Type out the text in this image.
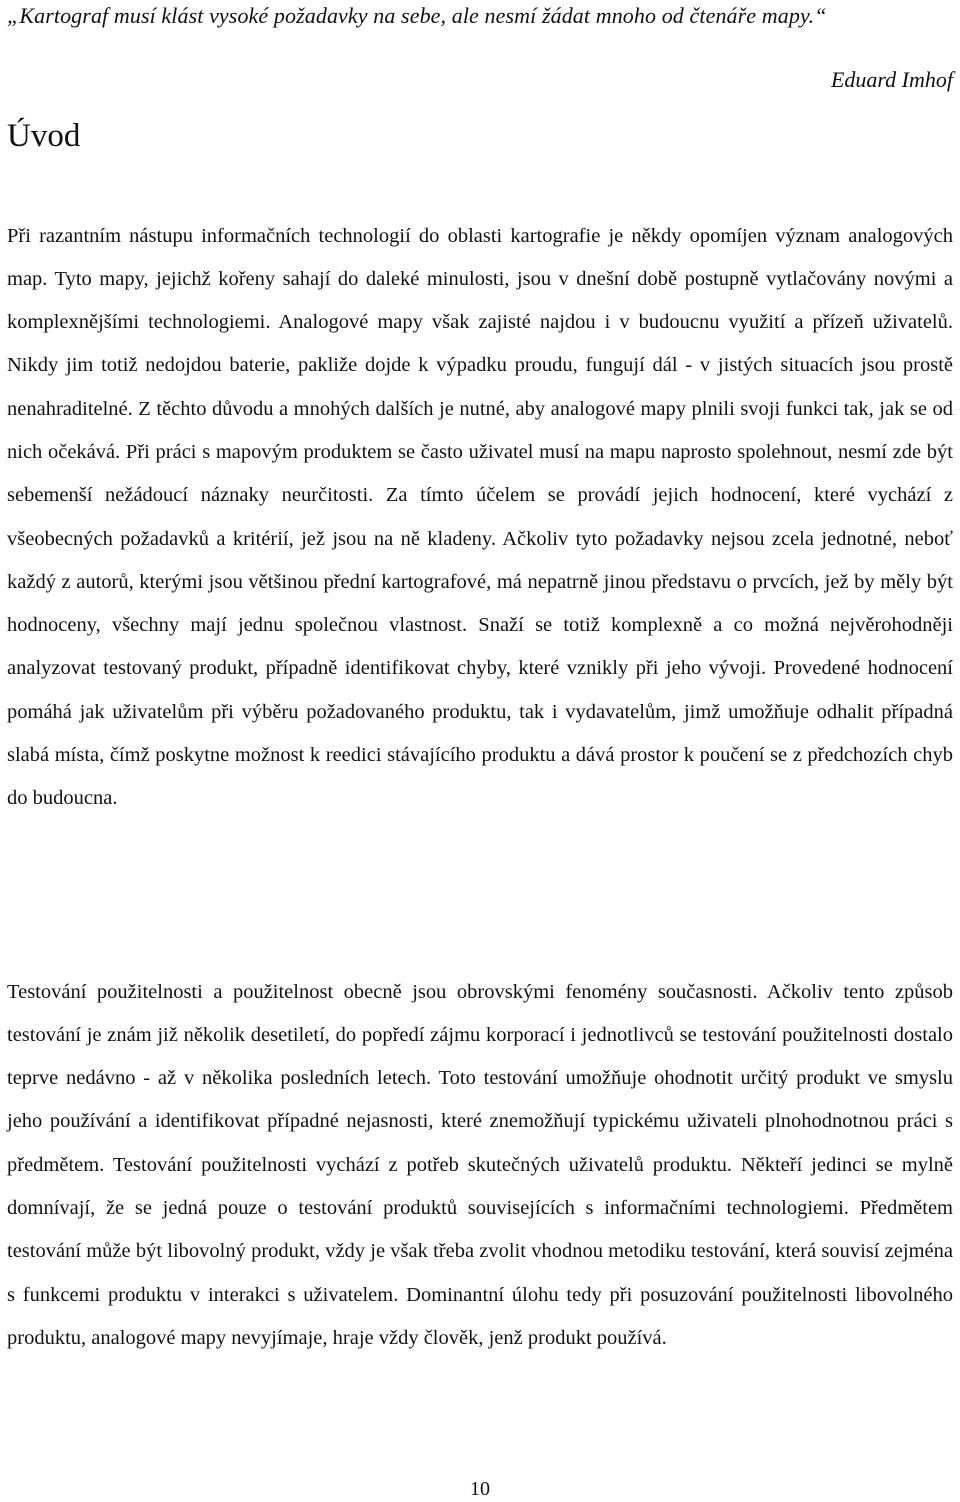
„Kartograf musí klást vysoké požadavky na sebe, ale nesmí žádat mnoho od čtenáře mapy.“
Eduard Imhof
Úvod

Při razantním nástupu informačních technologií do oblasti kartografie je někdy opomíjen význam analogových map. Tyto mapy, jejichž kořeny sahají do daleké minulosti, jsou v dnešní době postupně vytlačovány novými a komplexnějšími technologiemi. Analogové mapy však zajisté najdou i v budoucnu využití a přízeň uživatelů. Nikdy jim totiž nedojdou baterie, pakliže dojde k výpadku proudu, fungují dál - v jistých situacích jsou prostě nenahraditelné. Z těchto důvodu a mnohých dalších je nutné, aby analogové mapy plnili svoji funkci tak, jak se od nich očekává. Při práci s mapovým produktem se často uživatel musí na mapu naprosto spolehnout, nesmí zde být sebemenší nežádoucí náznaky neurčitosti. Za tímto účelem se provádí jejich hodnocení, které vychází z všeobecných požadavků a kritérií, jež jsou na ně kladeny. Ačkoliv tyto požadavky nejsou zcela jednotné, neboť každý z autorů, kterými jsou většinou přední kartografové, má nepatrně jinou představu o prvcích, jež by měly být hodnoceny, všechny mají jednu společnou vlastnost. Snaží se totiž komplexně a co možná nejvěrohodněji analyzovat testovaný produkt, případně identifikovat chyby, které vznikly při jeho vývoji. Provedené hodnocení pomáhá jak uživatelům při výběru požadovaného produktu, tak i vydavatelům, jimž umožňuje odhalit případná slabá místa, čímž poskytne možnost k reedici stávajícího produktu a dává prostor k poučení se z předchozích chyb do budoucna.

Testování použitelnosti a použitelnost obecně jsou obrovskými fenomény současnosti. Ačkoliv tento způsob testování je znám již několik desetiletí, do popředí zájmu korporací i jednotlivců se testování použitelnosti dostalo teprve nedávno - až v několika posledních letech. Toto testování umožňuje ohodnotit určitý produkt ve smyslu jeho používání a identifikovat případné nejasnosti, které znemožňují typickému uživateli plnohodnotnou práci s předmětem. Testování použitelnosti vychází z potřeb skutečných uživatelů produktu. Někteří jedinci se mylně domnívají, že se jedná pouze o testování produktů souvisejících s informačními technologiemi. Předmětem testování může být libovolný produkt, vždy je však třeba zvolit vhodnou metodiku testování, která souvisí zejména s funkcemi produktu v interakci s uživatelem. Dominantní úlohu tedy při posuzování použitelnosti libovolného produktu, analogové mapy nevyjímaje, hraje vždy člověk, jenž produkt používá.

10
